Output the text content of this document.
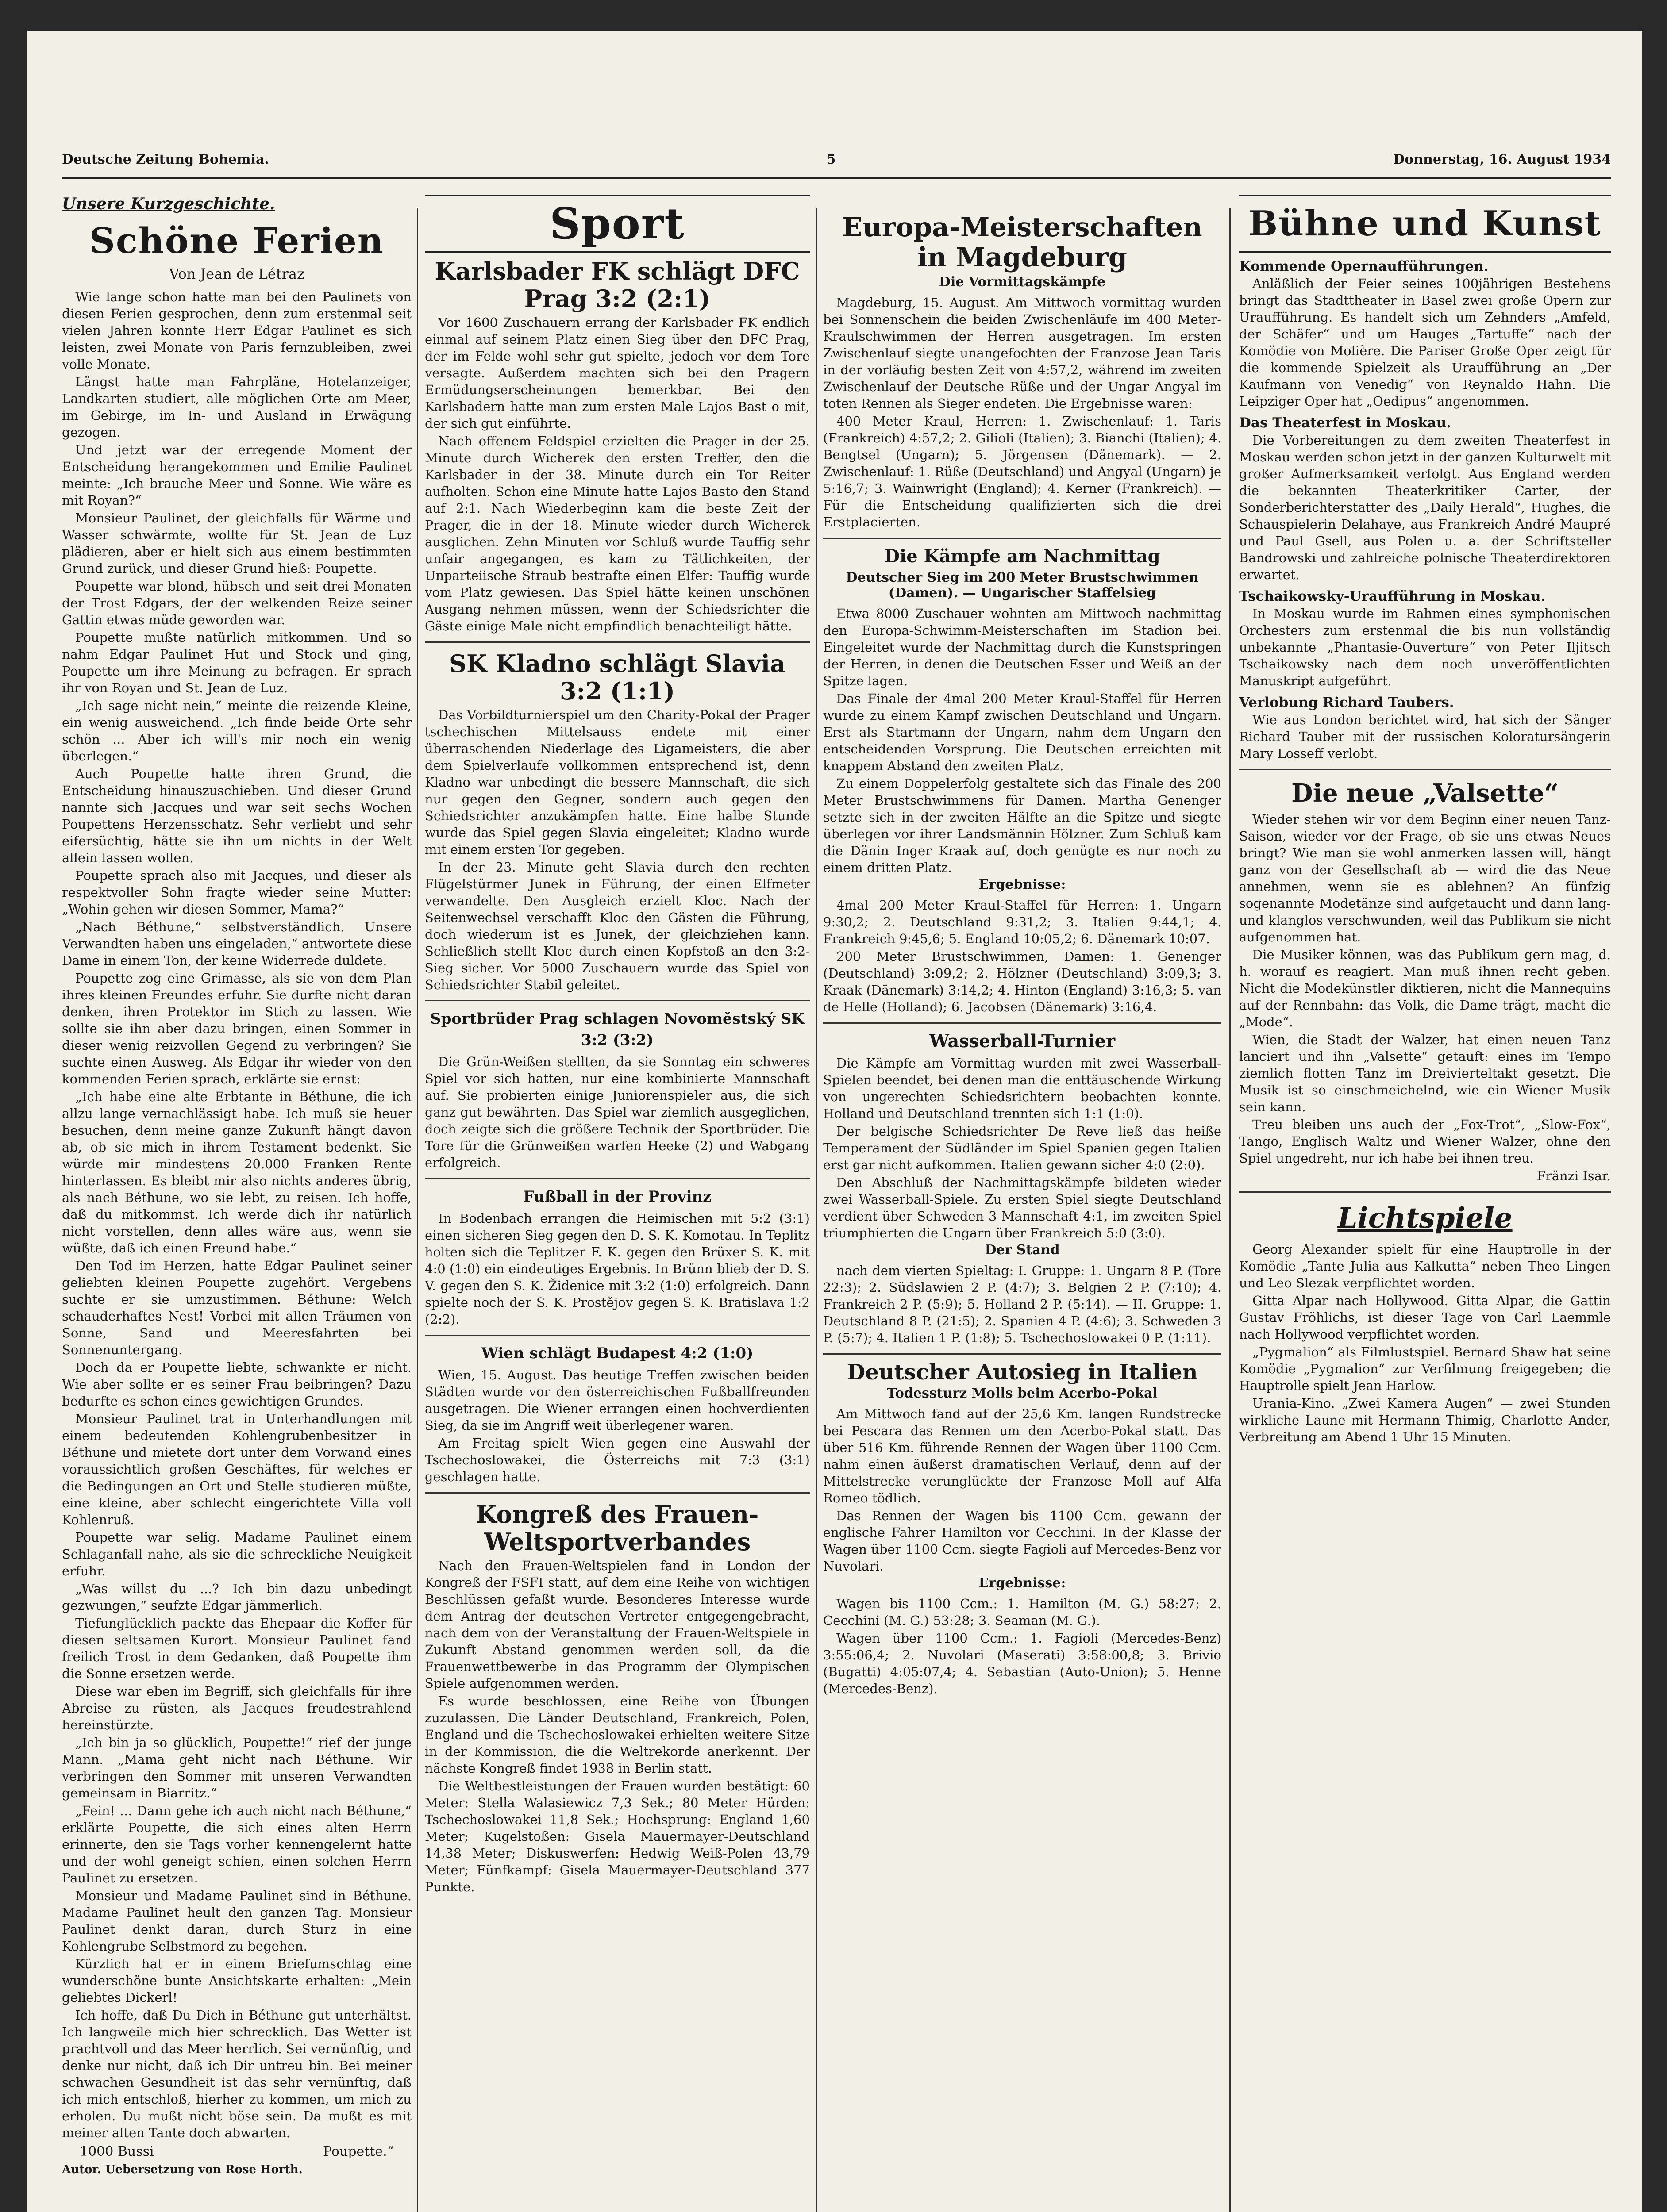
Deutsche Zeitung Bohemia.	5	Donnerstag, 16. August 1934
Unsere Kurzgeschichte.
Schöne Ferien
Von Jean de Létraz
Wie lange schon hatte man bei den Paulinets von diesen Ferien gesprochen, denn zum erstenmal seit vielen Jahren konnte Herr Edgar Paulinet es sich leisten, zwei Monate von Paris fernzubleiben, zwei volle Monate.
Längst hatte man Fahrpläne, Hotelanzeiger, Landkarten studiert, alle möglichen Orte am Meer, im Gebirge, im In- und Ausland in Erwägung gezogen.
Und jetzt war der erregende Moment der Entscheidung herangekommen und Emilie Paulinet meinte: „Ich brauche Meer und Sonne. Wie wäre es mit Royan?“
Monsieur Paulinet, der gleichfalls für Wärme und Wasser schwärmte, wollte für St. Jean de Luz plädieren, aber er hielt sich aus einem bestimmten Grund zurück, und dieser Grund hieß: Poupette.
Poupette war blond, hübsch und seit drei Monaten der Trost Edgars, der der welkenden Reize seiner Gattin etwas müde geworden war.
Poupette mußte natürlich mitkommen. Und so nahm Edgar Paulinet Hut und Stock und ging, Poupette um ihre Meinung zu befragen. Er sprach ihr von Royan und St. Jean de Luz.
„Ich sage nicht nein,“ meinte die reizende Kleine, ein wenig ausweichend. „Ich finde beide Orte sehr schön ... Aber ich will's mir noch ein wenig überlegen.“
Auch Poupette hatte ihren Grund, die Entscheidung hinauszuschieben. Und dieser Grund nannte sich Jacques und war seit sechs Wochen Poupettens Herzensschatz. Sehr verliebt und sehr eifersüchtig, hätte sie ihn um nichts in der Welt allein lassen wollen.
Poupette sprach also mit Jacques, und dieser als respektvoller Sohn fragte wieder seine Mutter: „Wohin gehen wir diesen Sommer, Mama?“
„Nach Béthune,“ selbstverständlich. Unsere Verwandten haben uns eingeladen,“ antwortete diese Dame in einem Ton, der keine Widerrede duldete.
Poupette zog eine Grimasse, als sie von dem Plan ihres kleinen Freundes erfuhr. Sie durfte nicht daran denken, ihren Protektor im Stich zu lassen. Wie sollte sie ihn aber dazu bringen, einen Sommer in dieser wenig reizvollen Gegend zu verbringen? Sie suchte einen Ausweg. Als Edgar ihr wieder von den kommenden Ferien sprach, erklärte sie ernst:
„Ich habe eine alte Erbtante in Béthune, die ich allzu lange vernachlässigt habe. Ich muß sie heuer besuchen, denn meine ganze Zukunft hängt davon ab, ob sie mich in ihrem Testament bedenkt. Sie würde mir mindestens 20.000 Franken Rente hinterlassen. Es bleibt mir also nichts anderes übrig, als nach Béthune, wo sie lebt, zu reisen. Ich hoffe, daß du mitkommst. Ich werde dich ihr natürlich nicht vorstellen, denn alles wäre aus, wenn sie wüßte, daß ich einen Freund habe.“
Den Tod im Herzen, hatte Edgar Paulinet seiner geliebten kleinen Poupette zugehört. Vergebens suchte er sie umzustimmen. Béthune: Welch schauderhaftes Nest! Vorbei mit allen Träumen von Sonne, Sand und Meeresfahrten bei Sonnenuntergang.
Doch da er Poupette liebte, schwankte er nicht. Wie aber sollte er es seiner Frau beibringen? Dazu bedurfte es schon eines gewichtigen Grundes.
Monsieur Paulinet trat in Unterhandlungen mit einem bedeutenden Kohlengrubenbesitzer in Béthune und mietete dort unter dem Vorwand eines voraussichtlich großen Geschäftes, für welches er die Bedingungen an Ort und Stelle studieren müßte, eine kleine, aber schlecht eingerichtete Villa voll Kohlenruß.
Poupette war selig. Madame Paulinet einem Schlaganfall nahe, als sie die schreckliche Neuigkeit erfuhr.
„Was willst du ...? Ich bin dazu unbedingt gezwungen,“ seufzte Edgar jämmerlich.
Tiefunglücklich packte das Ehepaar die Koffer für diesen seltsamen Kurort. Monsieur Paulinet fand freilich Trost in dem Gedanken, daß Poupette ihm die Sonne ersetzen werde.
Diese war eben im Begriff, sich gleichfalls für ihre Abreise zu rüsten, als Jacques freudestrahlend hereinstürzte.
„Ich bin ja so glücklich, Poupette!“ rief der junge Mann. „Mama geht nicht nach Béthune. Wir verbringen den Sommer mit unseren Verwandten gemeinsam in Biarritz.“
„Fein! ... Dann gehe ich auch nicht nach Béthune,“ erklärte Poupette, die sich eines alten Herrn erinnerte, den sie Tags vorher kennengelernt hatte und der wohl geneigt schien, einen solchen Herrn Paulinet zu ersetzen.
Monsieur und Madame Paulinet sind in Béthune. Madame Paulinet heult den ganzen Tag. Monsieur Paulinet denkt daran, durch Sturz in eine Kohlengrube Selbstmord zu begehen.
Kürzlich hat er in einem Briefumschlag eine wunderschöne bunte Ansichtskarte erhalten: „Mein geliebtes Dickerl!
Ich hoffe, daß Du Dich in Béthune gut unterhältst. Ich langweile mich hier schrecklich. Das Wetter ist prachtvoll und das Meer herrlich. Sei vernünftig, und denke nur nicht, daß ich Dir untreu bin. Bei meiner schwachen Gesundheit ist das sehr vernünftig, daß ich mich entschloß, hierher zu kommen, um mich zu erholen. Du mußt nicht böse sein. Da mußt es mit meiner alten Tante doch abwarten.
1000 Bussi	Poupette.“
Autor. Uebersetzung von Rose Horth.
Sport
Karlsbader FK schlägt DFC Prag 3:2 (2:1)
Vor 1600 Zuschauern errang der Karlsbader FK endlich einmal auf seinem Platz einen Sieg über den DFC Prag, der im Felde wohl sehr gut spielte, jedoch vor dem Tore versagte. Außerdem machten sich bei den Pragern Ermüdungserscheinungen bemerkbar. Bei den Karlsbadern hatte man zum ersten Male Lajos Bast o mit, der sich gut einführte.
Nach offenem Feldspiel erzielten die Prager in der 25. Minute durch Wicherek den ersten Treffer, den die Karlsbader in der 38. Minute durch ein Tor Reiter aufholten. Schon eine Minute hatte Lajos Basto den Stand auf 2:1. Nach Wiederbeginn kam die beste Zeit der Prager, die in der 18. Minute wieder durch Wicherek ausglichen. Zehn Minuten vor Schluß wurde Tauffig sehr unfair angegangen, es kam zu Tätlichkeiten, der Unparteiische Straub bestrafte einen Elfer: Tauffig wurde vom Platz gewiesen. Das Spiel hätte keinen unschönen Ausgang nehmen müssen, wenn der Schiedsrichter die Gäste einige Male nicht empfindlich benachteiligt hätte.
SK Kladno schlägt Slavia 3:2 (1:1)
Das Vorbildturnierspiel um den Charity-Pokal der Prager tschechischen Mittelsauss endete mit einer überraschenden Niederlage des Ligameisters, die aber dem Spielverlaufe vollkommen entsprechend ist, denn Kladno war unbedingt die bessere Mannschaft, die sich nur gegen den Gegner, sondern auch gegen den Schiedsrichter anzukämpfen hatte. Eine halbe Stunde wurde das Spiel gegen Slavia eingeleitet; Kladno wurde mit einem ersten Tor gegeben.
In der 23. Minute geht Slavia durch den rechten Flügelstürmer Junek in Führung, der einen Elfmeter verwandelte. Den Ausgleich erzielt Kloc. Nach der Seitenwechsel verschafft Kloc den Gästen die Führung, doch wiederum ist es Junek, der gleichziehen kann. Schließlich stellt Kloc durch einen Kopfstoß an den 3:2-Sieg sicher. Vor 5000 Zuschauern wurde das Spiel von Schiedsrichter Stabil geleitet.
Sportbrüder Prag schlagen Novoměstský SK 3:2 (3:2)
Die Grün-Weißen stellten, da sie Sonntag ein schweres Spiel vor sich hatten, nur eine kombinierte Mannschaft auf. Sie probierten einige Juniorenspieler aus, die sich ganz gut bewährten. Das Spiel war ziemlich ausgeglichen, doch zeigte sich die größere Technik der Sportbrüder. Die Tore für die Grünweißen warfen Heeke (2) und Wabgang erfolgreich.
Fußball in der Provinz
In Bodenbach errangen die Heimischen mit 5:2 (3:1) einen sicheren Sieg gegen den D. S. K. Komotau. In Teplitz holten sich die Teplitzer F. K. gegen den Brüxer S. K. mit 4:0 (1:0) ein eindeutiges Ergebnis. In Brünn blieb der D. S. V. gegen den S. K. Židenice mit 3:2 (1:0) erfolgreich. Dann spielte noch der S. K. Prostějov gegen S. K. Bratislava 1:2 (2:2).
Wien schlägt Budapest 4:2 (1:0)
Wien, 15. August. Das heutige Treffen zwischen beiden Städten wurde vor den österreichischen Fußballfreunden ausgetragen. Die Wiener errangen einen hochverdienten Sieg, da sie im Angriff weit überlegener waren.
Am Freitag spielt Wien gegen eine Auswahl der Tschechoslowakei, die Österreichs mit 7:3 (3:1) geschlagen hatte.
Kongreß des Frauen-Weltsportverbandes
Nach den Frauen-Weltspielen fand in London der Kongreß der FSFI statt, auf dem eine Reihe von wichtigen Beschlüssen gefaßt wurde. Besonderes Interesse wurde dem Antrag der deutschen Vertreter entgegengebracht, nach dem von der Veranstaltung der Frauen-Weltspiele in Zukunft Abstand genommen werden soll, da die Frauenwettbewerbe in das Programm der Olympischen Spiele aufgenommen werden.
Es wurde beschlossen, eine Reihe von Übungen zuzulassen. Die Länder Deutschland, Frankreich, Polen, England und die Tschechoslowakei erhielten weitere Sitze in der Kommission, die die Weltrekorde anerkennt. Der nächste Kongreß findet 1938 in Berlin statt.
Die Weltbestleistungen der Frauen wurden bestätigt: 60 Meter: Stella Walasiewicz 7,3 Sek.; 80 Meter Hürden: Tschechoslowakei 11,8 Sek.; Hochsprung: England 1,60 Meter; Kugelstoßen: Gisela Mauermayer-Deutschland 14,38 Meter; Diskuswerfen: Hedwig Weiß-Polen 43,79 Meter; Fünfkampf: Gisela Mauermayer-Deutschland 377 Punkte.
Europa-Meisterschaften in Magdeburg
Die Vormittagskämpfe
Magdeburg, 15. August. Am Mittwoch vormittag wurden bei Sonnenschein die beiden Zwischenläufe im 400 Meter-Kraulschwimmen der Herren ausgetragen. Im ersten Zwischenlauf siegte unangefochten der Franzose Jean Taris in der vorläufig besten Zeit von 4:57,2, während im zweiten Zwischenlauf der Deutsche Rüße und der Ungar Angyal im toten Rennen als Sieger endeten. Die Ergebnisse waren:
400 Meter Kraul, Herren: 1. Zwischenlauf: 1. Taris (Frankreich) 4:57,2; 2. Gilioli (Italien); 3. Bianchi (Italien); 4. Bengtsel (Ungarn); 5. Jörgensen (Dänemark). — 2. Zwischenlauf: 1. Rüße (Deutschland) und Angyal (Ungarn) je 5:16,7; 3. Wainwright (England); 4. Kerner (Frankreich). — Für die Entscheidung qualifizierten sich die drei Erstplacierten.
Die Kämpfe am Nachmittag
Deutscher Sieg im 200 Meter Brustschwimmen (Damen). — Ungarischer Staffelsieg
Etwa 8000 Zuschauer wohnten am Mittwoch nachmittag den Europa-Schwimm-Meisterschaften im Stadion bei. Eingeleitet wurde der Nachmittag durch die Kunstspringen der Herren, in denen die Deutschen Esser und Weiß an der Spitze lagen.
Das Finale der 4mal 200 Meter Kraul-Staffel für Herren wurde zu einem Kampf zwischen Deutschland und Ungarn. Erst als Startmann der Ungarn, nahm dem Ungarn den entscheidenden Vorsprung. Die Deutschen erreichten mit knappem Abstand den zweiten Platz.
Zu einem Doppelerfolg gestaltete sich das Finale des 200 Meter Brustschwimmens für Damen. Martha Genenger setzte sich in der zweiten Hälfte an die Spitze und siegte überlegen vor ihrer Landsmännin Hölzner. Zum Schluß kam die Dänin Inger Kraak auf, doch genügte es nur noch zu einem dritten Platz.
Ergebnisse:
4mal 200 Meter Kraul-Staffel für Herren: 1. Ungarn 9:30,2; 2. Deutschland 9:31,2; 3. Italien 9:44,1; 4. Frankreich 9:45,6; 5. England 10:05,2; 6. Dänemark 10:07.
200 Meter Brustschwimmen, Damen: 1. Genenger (Deutschland) 3:09,2; 2. Hölzner (Deutschland) 3:09,3; 3. Kraak (Dänemark) 3:14,2; 4. Hinton (England) 3:16,3; 5. van de Helle (Holland); 6. Jacobsen (Dänemark) 3:16,4.
Wasserball-Turnier
Die Kämpfe am Vormittag wurden mit zwei Wasserball-Spielen beendet, bei denen man die enttäuschende Wirkung von ungerechten Schiedsrichtern beobachten konnte. Holland und Deutschland trennten sich 1:1 (1:0).
Der belgische Schiedsrichter De Reve ließ das heiße Temperament der Südländer im Spiel Spanien gegen Italien erst gar nicht aufkommen. Italien gewann sicher 4:0 (2:0).
Den Abschluß der Nachmittagskämpfe bildeten wieder zwei Wasserball-Spiele. Zu ersten Spiel siegte Deutschland verdient über Schweden 3 Mannschaft 4:1, im zweiten Spiel triumphierten die Ungarn über Frankreich 5:0 (3:0).
Der Stand
nach dem vierten Spieltag: I. Gruppe: 1. Ungarn 8 P. (Tore 22:3); 2. Südslawien 2 P. (4:7); 3. Belgien 2 P. (7:10); 4. Frankreich 2 P. (5:9); 5. Holland 2 P. (5:14). — II. Gruppe: 1. Deutschland 8 P. (21:5); 2. Spanien 4 P. (4:6); 3. Schweden 3 P. (5:7); 4. Italien 1 P. (1:8); 5. Tschechoslowakei 0 P. (1:11).
Deutscher Autosieg in Italien
Todessturz Molls beim Acerbo-Pokal
Am Mittwoch fand auf der 25,6 Km. langen Rundstrecke bei Pescara das Rennen um den Acerbo-Pokal statt. Das über 516 Km. führende Rennen der Wagen über 1100 Ccm. nahm einen äußerst dramatischen Verlauf, denn auf der Mittelstrecke verunglückte der Franzose Moll auf Alfa Romeo tödlich.
Das Rennen der Wagen bis 1100 Ccm. gewann der englische Fahrer Hamilton vor Cecchini. In der Klasse der Wagen über 1100 Ccm. siegte Fagioli auf Mercedes-Benz vor Nuvolari.
Ergebnisse:
Wagen bis 1100 Ccm.: 1. Hamilton (M. G.) 58:27; 2. Cecchini (M. G.) 53:28; 3. Seaman (M. G.).
Wagen über 1100 Ccm.: 1. Fagioli (Mercedes-Benz) 3:55:06,4; 2. Nuvolari (Maserati) 3:58:00,8; 3. Brivio (Bugatti) 4:05:07,4; 4. Sebastian (Auto-Union); 5. Henne (Mercedes-Benz).
Bühne und Kunst
Kommende Opernaufführungen.
Anläßlich der Feier seines 100jährigen Bestehens bringt das Stadttheater in Basel zwei große Opern zur Uraufführung. Es handelt sich um Zehnders „Amfeld, der Schäfer“ und um Hauges „Tartuffe“ nach der Komödie von Molière. Die Pariser Große Oper zeigt für die kommende Spielzeit als Uraufführung an „Der Kaufmann von Venedig“ von Reynaldo Hahn. Die Leipziger Oper hat „Oedipus“ angenommen.
Das Theaterfest in Moskau.
Die Vorbereitungen zu dem zweiten Theaterfest in Moskau werden schon jetzt in der ganzen Kulturwelt mit großer Aufmerksamkeit verfolgt. Aus England werden die bekannten Theaterkritiker Carter, der Sonderberichterstatter des „Daily Herald“, Hughes, die Schauspielerin Delahaye, aus Frankreich André Maupré und Paul Gsell, aus Polen u. a. der Schriftsteller Bandrowski und zahlreiche polnische Theaterdirektoren erwartet.
Tschaikowsky-Uraufführung in Moskau.
In Moskau wurde im Rahmen eines symphonischen Orchesters zum erstenmal die bis nun vollständig unbekannte „Phantasie-Ouverture“ von Peter Iljitsch Tschaikowsky nach dem noch unveröffentlichten Manuskript aufgeführt.
Verlobung Richard Taubers.
Wie aus London berichtet wird, hat sich der Sänger Richard Tauber mit der russischen Koloratursängerin Mary Losseff verlobt.
Die neue „Valsette“
Wieder stehen wir vor dem Beginn einer neuen Tanz-Saison, wieder vor der Frage, ob sie uns etwas Neues bringt? Wie man sie wohl anmerken lassen will, hängt ganz von der Gesellschaft ab — wird die das Neue annehmen, wenn sie es ablehnen? An fünfzig sogenannte Modetänze sind aufgetaucht und dann lang- und klanglos verschwunden, weil das Publikum sie nicht aufgenommen hat.
Die Musiker können, was das Publikum gern mag, d. h. worauf es reagiert. Man muß ihnen recht geben. Nicht die Modekünstler diktieren, nicht die Mannequins auf der Rennbahn: das Volk, die Dame trägt, macht die „Mode“.
Wien, die Stadt der Walzer, hat einen neuen Tanz lanciert und ihn „Valsette“ getauft: eines im Tempo ziemlich flotten Tanz im Dreivierteltakt gesetzt. Die Musik ist so einschmeichelnd, wie ein Wiener Musik sein kann.
Treu bleiben uns auch der „Fox-Trot“, „Slow-Fox“, Tango, Englisch Waltz und Wiener Walzer, ohne den Spiel ungedreht, nur ich habe bei ihnen treu.
Fränzi Isar.
Lichtspiele
Georg Alexander spielt für eine Hauptrolle in der Komödie „Tante Julia aus Kalkutta“ neben Theo Lingen und Leo Slezak verpflichtet worden.
Gitta Alpar nach Hollywood. Gitta Alpar, die Gattin Gustav Fröhlichs, ist dieser Tage von Carl Laemmle nach Hollywood verpflichtet worden.
„Pygmalion“ als Filmlustspiel. Bernard Shaw hat seine Komödie „Pygmalion“ zur Verfilmung freigegeben; die Hauptrolle spielt Jean Harlow.
Urania-Kino. „Zwei Kamera Augen“ — zwei Stunden wirkliche Laune mit Hermann Thimig, Charlotte Ander, Verbreitung am Abend 1 Uhr 15 Minuten.
